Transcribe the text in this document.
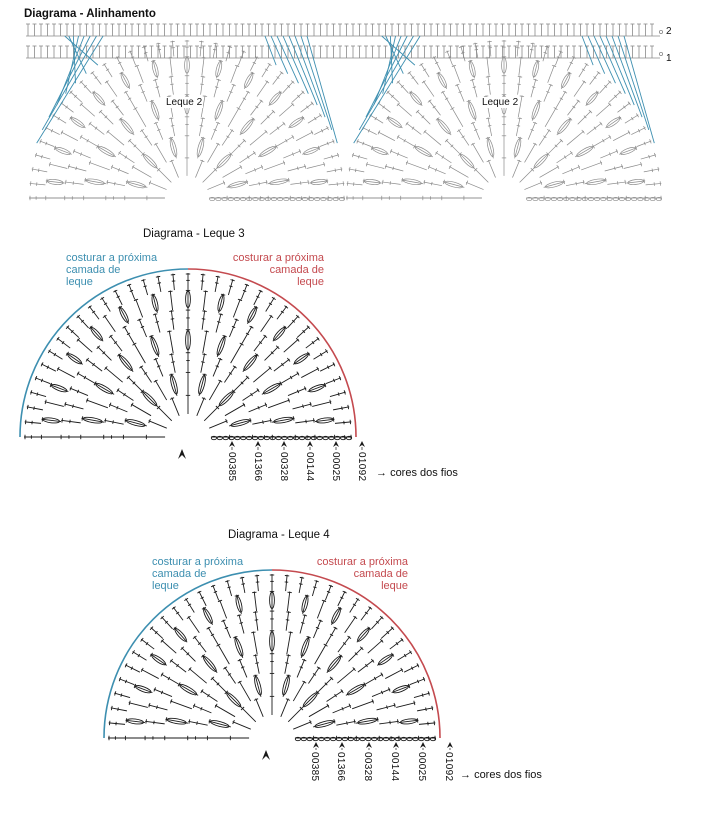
Diagrama - Alinhamento
2
1
Leque 2	Leque 2
Diagrama - Leque 3
costurar a próxima
camada de
leque
costurar a próxima
camada de
leque
00385 01366 00328 00144 00025 01092 → cores dos fios
Diagrama - Leque 4
costurar a próxima
camada de
leque
costurar a próxima
camada de
leque
00385 01366 00328 00144 00025 01092 → cores dos fios
